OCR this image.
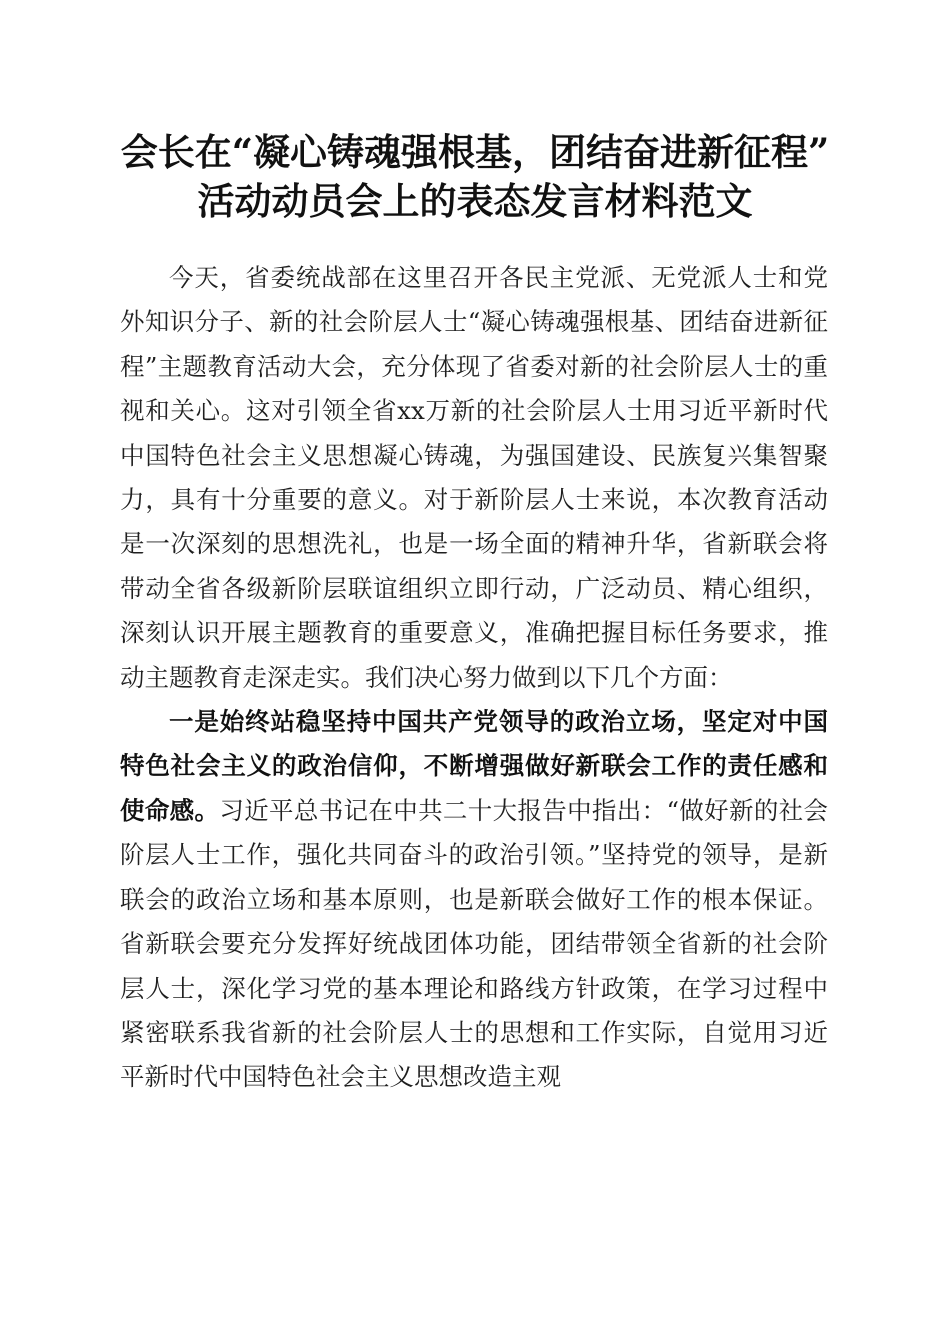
会长在“凝心铸魂强根基，团结奋进新征程”
活动动员会上的表态发言材料范文

今天，省委统战部在这里召开各民主党派、无党派人士和党外知识分子、新的社会阶层人士“凝心铸魂强根基、团结奋进新征程”主题教育活动大会，充分体现了省委对新的社会阶层人士的重视和关心。这对引领全省xx万新的社会阶层人士用习近平新时代中国特色社会主义思想凝心铸魂，为强国建设、民族复兴集智聚力，具有十分重要的意义。对于新阶层人士来说，本次教育活动是一次深刻的思想洗礼，也是一场全面的精神升华，省新联会将带动全省各级新阶层联谊组织立即行动，广泛动员、精心组织，深刻认识开展主题教育的重要意义，准确把握目标任务要求，推动主题教育走深走实。我们决心努力做到以下几个方面：

一是始终站稳坚持中国共产党领导的政治立场，坚定对中国特色社会主义的政治信仰，不断增强做好新联会工作的责任感和使命感。习近平总书记在中共二十大报告中指出：“做好新的社会阶层人士工作，强化共同奋斗的政治引领。”坚持党的领导，是新联会的政治立场和基本原则，也是新联会做好工作的根本保证。省新联会要充分发挥好统战团体功能，团结带领全省新的社会阶层人士，深化学习党的基本理论和路线方针政策，在学习过程中紧密联系我省新的社会阶层人士的思想和工作实际，自觉用习近平新时代中国特色社会主义思想改造主观
